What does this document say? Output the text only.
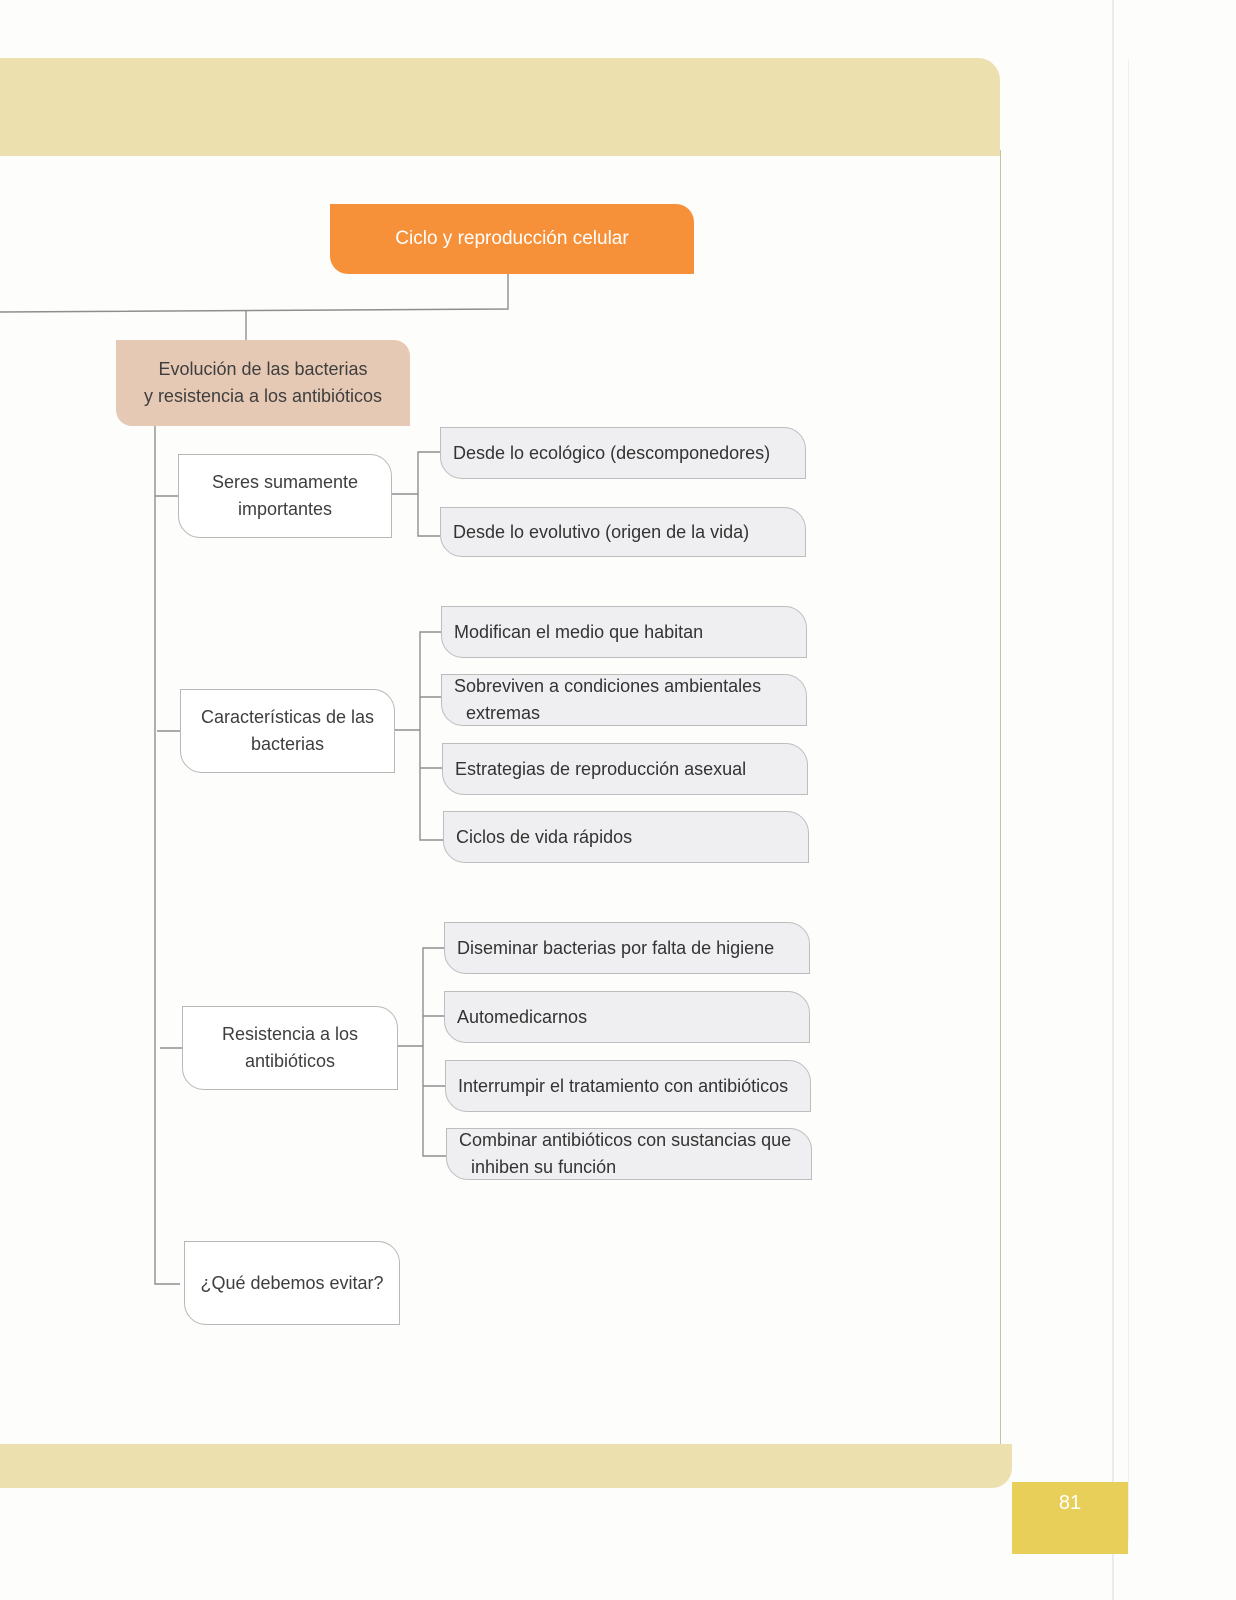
81
Ciclo y reproducción celular
Evolución de las bacterias
y resistencia a los antibióticos
Seres sumamente
importantes
Características de las
bacterias
Resistencia a los
antibióticos
¿Qué debemos evitar?
Desde lo ecológico (descomponedores)
Desde lo evolutivo (origen de la vida)
Modifican el medio que habitan
Sobreviven a condiciones ambientales
extremas
Estrategias de reproducción asexual
Ciclos de vida rápidos
Diseminar bacterias por falta de higiene
Automedicarnos
Interrumpir el tratamiento con antibióticos
Combinar antibióticos con sustancias que
inhiben su función
